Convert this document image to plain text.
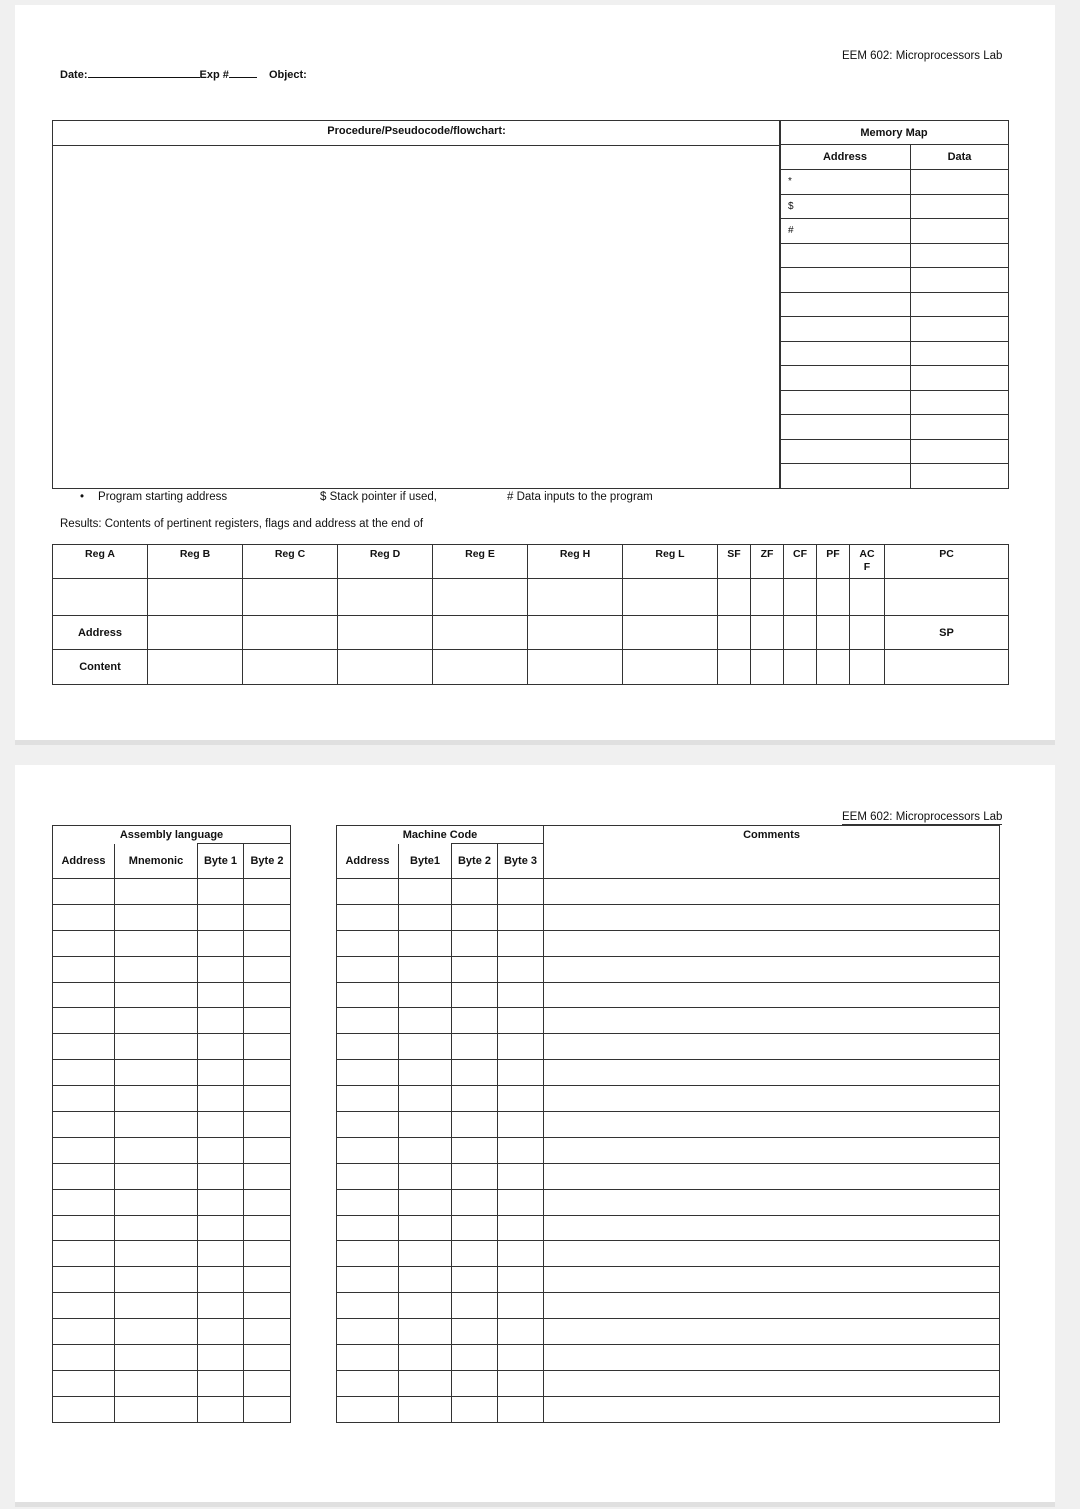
EEM 602: Microprocessors Lab
Date:	Exp #	Object:
Procedure/Pseudocode/flowchart:	Memory Map	
Address	Data
*	
$	
#	

• Program starting address	$ Stack pointer if used,	# Data inputs to the program
Results: Contents of pertinent registers, flags and address at the end of
Reg A	Reg B	Reg C	Reg D	Reg E	Reg H	Reg L	SF	ZF	CF	PF	AC F	PC

Address												SP
Content												
EEM 602: Microprocessors Lab
Assembly language			
Address	Mnemonic	Byte 1	Byte 2

Machine Code				Comments
Address	Byte1	Byte 2	Byte 3	
